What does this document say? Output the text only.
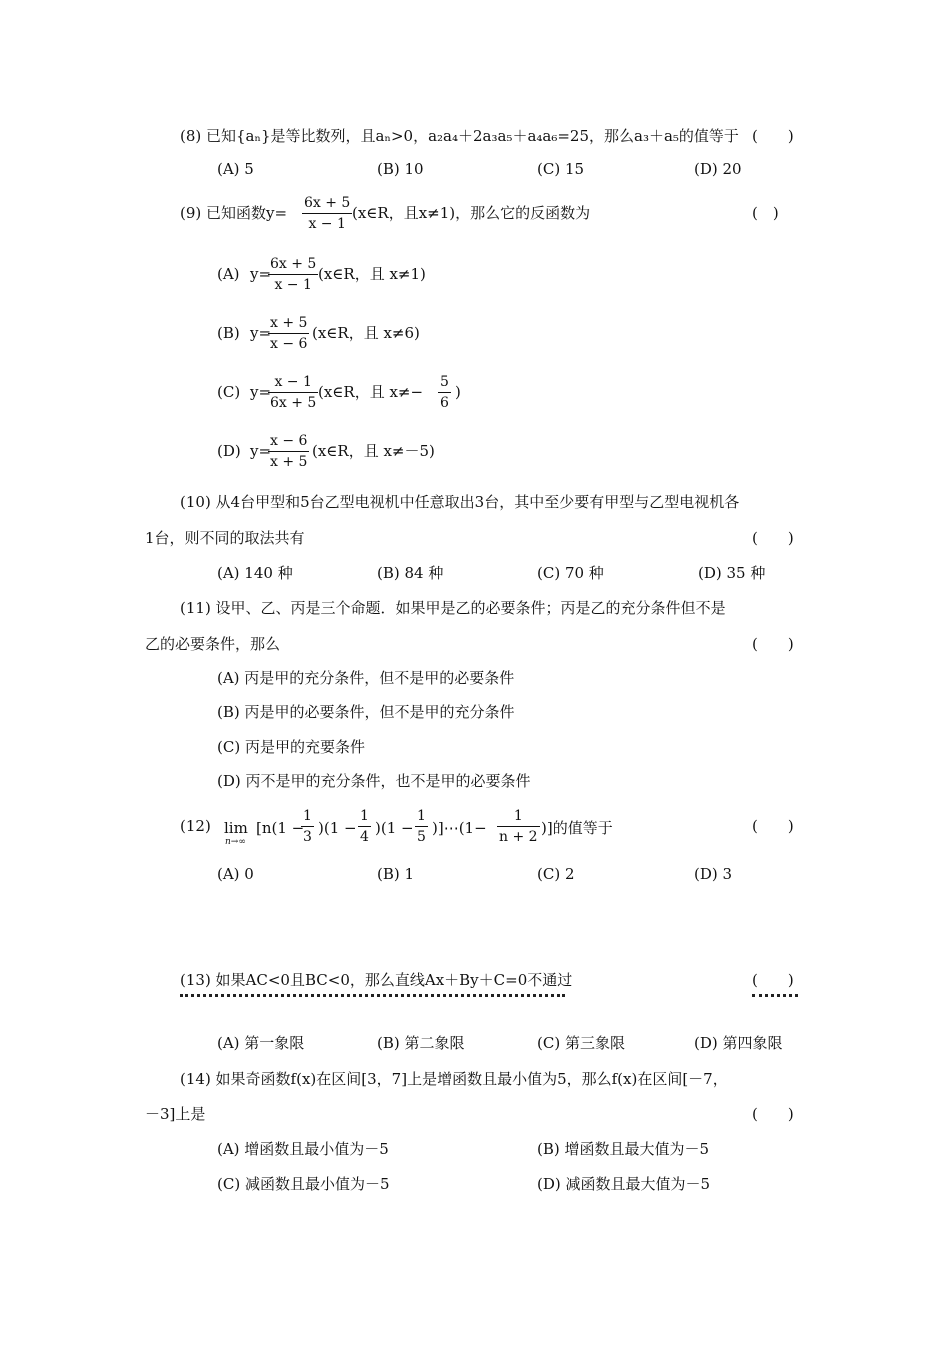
(8) 已知{aₙ}是等比数列，且aₙ>0，a₂a₄＋2a₃a₅＋a₄a₆=25，那么a₃＋a₅的值等于 (　　)
(A) 5	(B) 10	(C) 15	(D) 20
(9) 已知函数y=
6x + 5
x − 1
(x∈R，且x≠1)，那么它的反函数为	(　)
(A) y=
6x + 5
x − 1
(x∈R，且 x≠1)
(B) y=
x + 5
x − 6
(x∈R，且 x≠6)
(C) y=
x − 1
6x + 5
(x∈R，且 x≠−
5
6
)
(D) y=
x − 6
x + 5
(x∈R，且 x≠－5)
(10) 从4台甲型和5台乙型电视机中任意取出3台，其中至少要有甲型与乙型电视机各
1台，则不同的取法共有	(　　)
(A) 140 种	(B) 84 种	(C) 70 种	(D) 35 种
(11) 设甲、乙、丙是三个命题．如果甲是乙的必要条件；丙是乙的充分条件但不是
乙的必要条件，那么	(　　)
(A) 丙是甲的充分条件，但不是甲的必要条件
(B) 丙是甲的必要条件，但不是甲的充分条件
(C) 丙是甲的充要条件
(D) 丙不是甲的充分条件，也不是甲的必要条件
(12) lim
n→∞
[n(1 −
1
3 )(1 −
1
4 )(1 −
1
5 )]⋯(1−
1
n + 2 )]的值等于	(　　)
(A) 0	(B) 1	(C) 2	(D) 3
(13) 如果AC<0且BC<0，那么直线Ax＋By＋C=0不通过	(　　)
(A) 第一象限	(B) 第二象限	(C) 第三象限	(D) 第四象限
(14) 如果奇函数f(x)在区间[3，7]上是增函数且最小值为5，那么f(x)在区间[－7，
－3]上是	(　　)
(A) 增函数且最小值为－5	(B) 增函数且最大值为－5
(C) 减函数且最小值为－5	(D) 减函数且最大值为－5
